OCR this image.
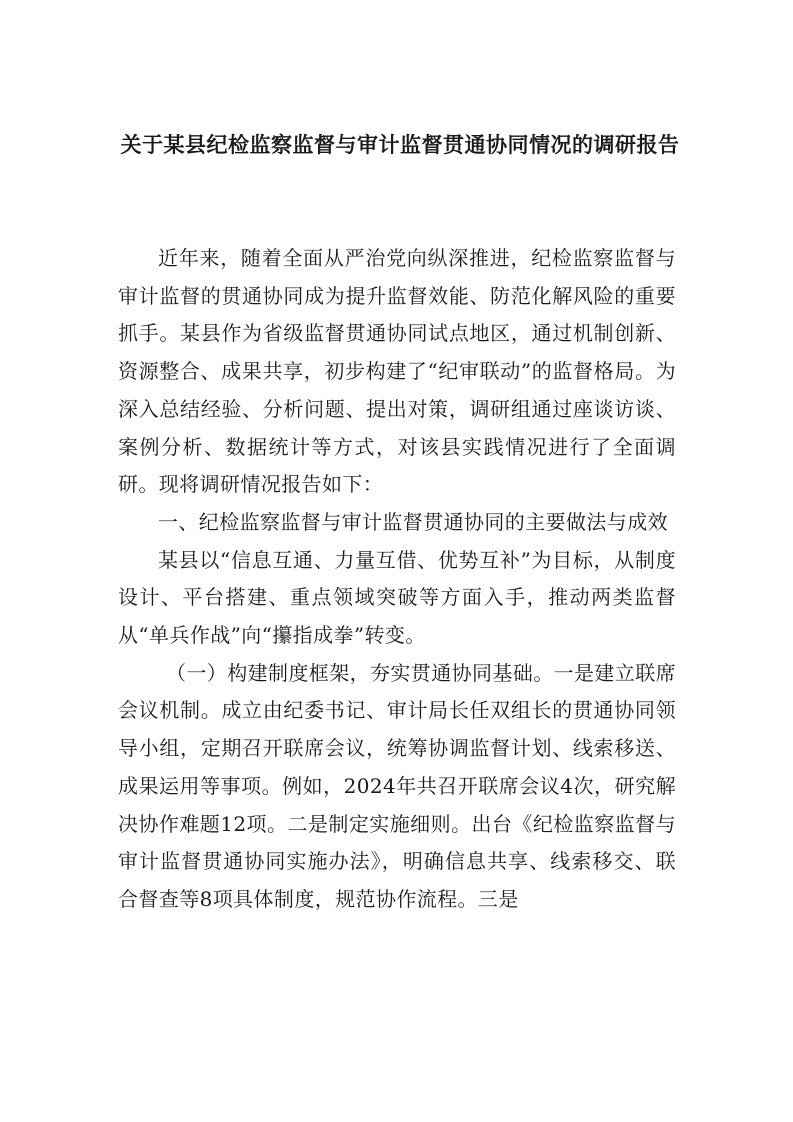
关于某县纪检监察监督与审计监督贯通协同情况的调研报告

近年来，随着全面从严治党向纵深推进，纪检监察监督与审计监督的贯通协同成为提升监督效能、防范化解风险的重要抓手。某县作为省级监督贯通协同试点地区，通过机制创新、资源整合、成果共享，初步构建了“纪审联动”的监督格局。为深入总结经验、分析问题、提出对策，调研组通过座谈访谈、案例分析、数据统计等方式，对该县实践情况进行了全面调研。现将调研情况报告如下：

一、纪检监察监督与审计监督贯通协同的主要做法与成效

某县以“信息互通、力量互借、优势互补”为目标，从制度设计、平台搭建、重点领域突破等方面入手，推动两类监督从“单兵作战”向“攥指成拳”转变。

（一）构建制度框架，夯实贯通协同基础。一是建立联席会议机制。成立由纪委书记、审计局长任双组长的贯通协同领导小组，定期召开联席会议，统筹协调监督计划、线索移送、成果运用等事项。例如，2024年共召开联席会议4次，研究解决协作难题12项。二是制定实施细则。出台《纪检监察监督与审计监督贯通协同实施办法》，明确信息共享、线索移交、联合督查等8项具体制度，规范协作流程。三是
